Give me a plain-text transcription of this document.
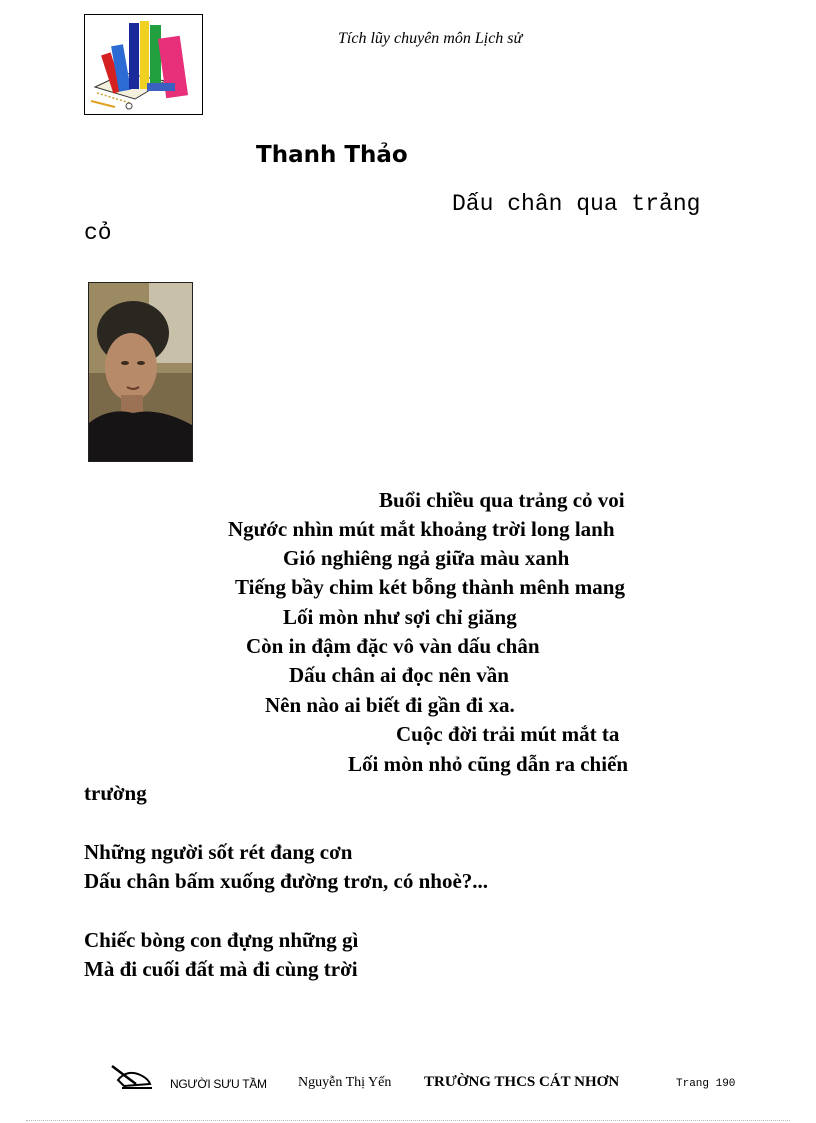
Tích lũy chuyên môn Lịch sử
Thanh Thảo
Dấu chân qua trảng
cỏ
Buổi chiều qua trảng cỏ voi
Ngước nhìn mút mắt khoảng trời long lanh
Gió nghiêng ngả giữa màu xanh
Tiếng bầy chim két bỗng thành mênh mang
Lối mòn như sợi chỉ giăng
Còn in đậm đặc vô vàn dấu chân
Dấu chân ai đọc nên vần
Nên nào ai biết đi gần đi xa.
Cuộc đời trải mút mắt ta
Lối mòn nhỏ cũng dẫn ra chiến
trường
Những người sốt rét đang cơn
Dấu chân bấm xuống đường trơn, có nhoè?...
Chiếc bòng con đựng những gì
Mà đi cuối đất mà đi cùng trời
NGƯỜI SƯU TẦM Nguyễn Thị Yến TRƯỜNG THCS CÁT NHƠN	Trang 190
